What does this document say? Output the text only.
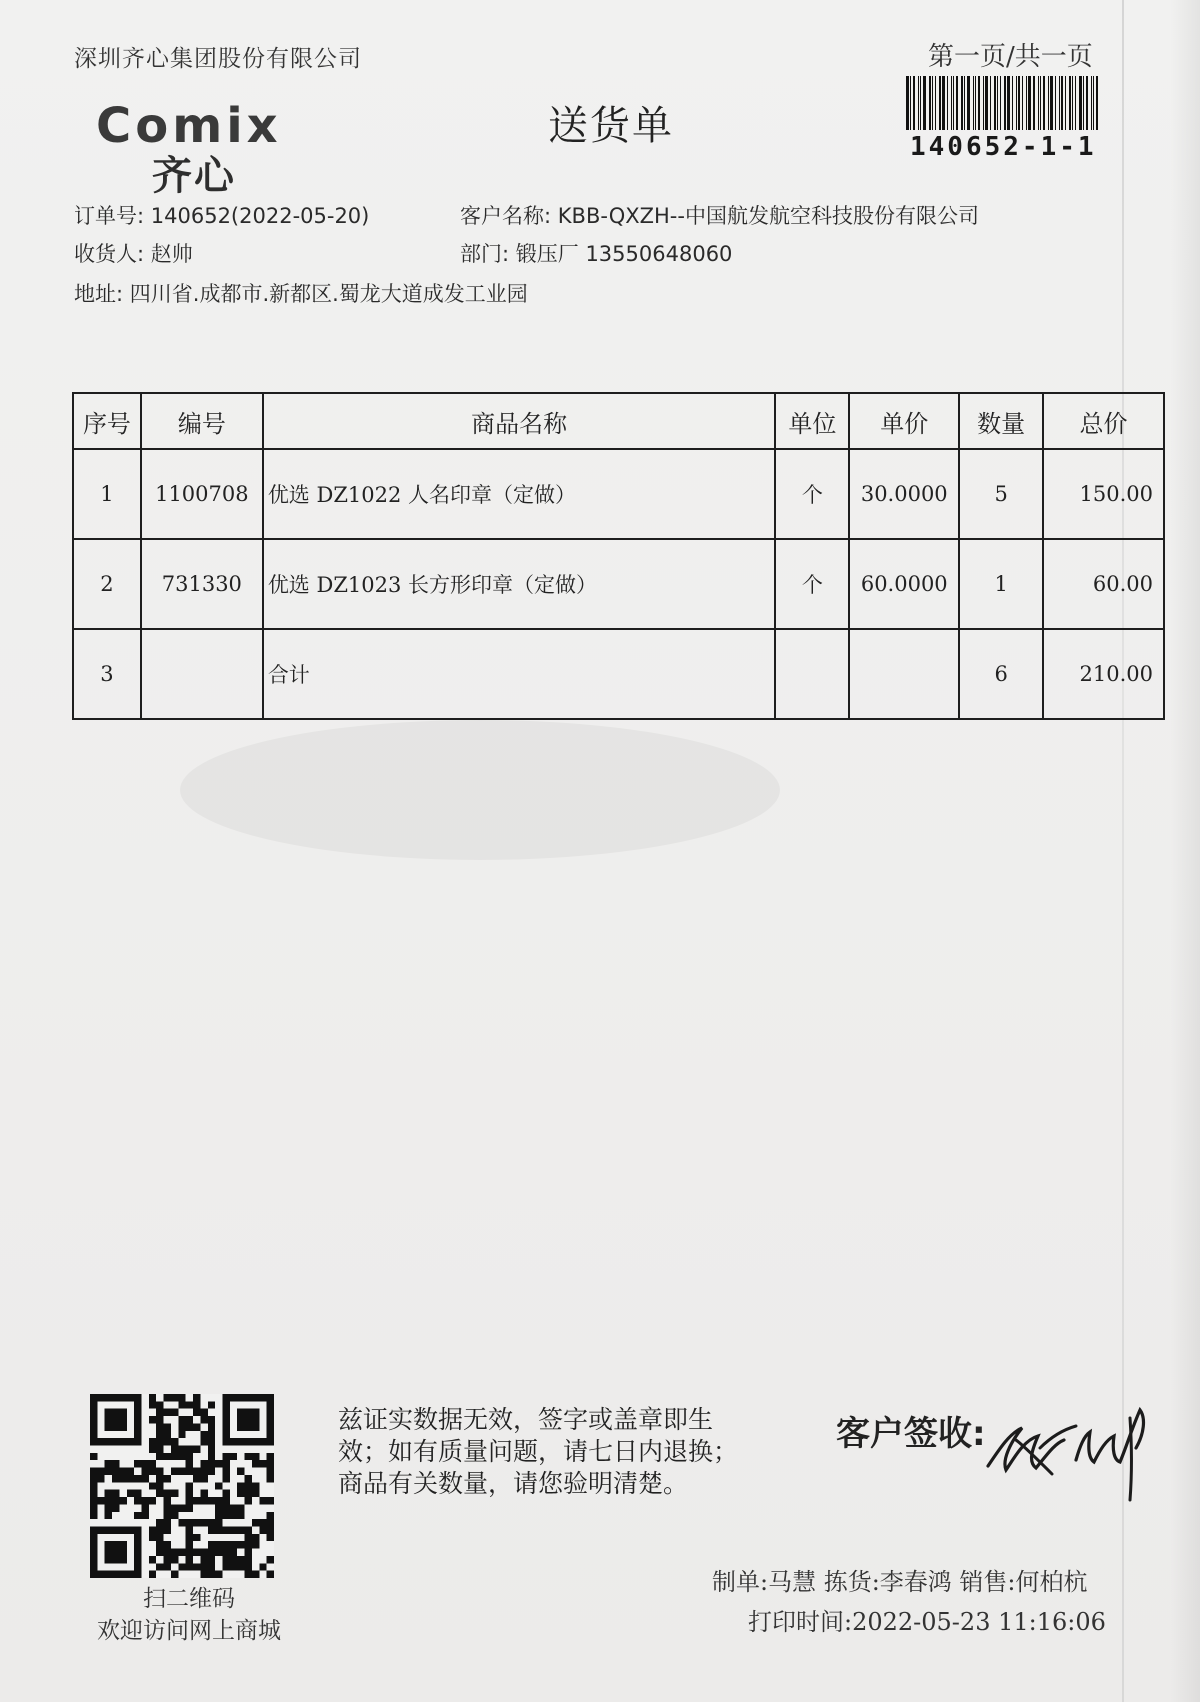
深圳齐心集团股份有限公司	第一页/共一页
140652-1-1
Comix
齐心
送货单
订单号: 140652(2022-05-20)	客户名称: KBB-QXZH--中国航发航空科技股份有限公司
收货人: 赵帅	部门: 锻压厂 13550648060
地址: 四川省.成都市.新都区.蜀龙大道成发工业园
序号	编号	商品名称	单位	单价	数量	总价
1	1100708	优选 DZ1022 人名印章（定做）	个	30.0000	5	150.00
2	731330	优选 DZ1023 长方形印章（定做）	个	60.0000	1	60.00
3		合计			6	210.00
扫二维码
欢迎访问网上商城
兹证实数据无效，签字或盖章即生效；如有质量问题，请七日内退换；商品有关数量，请您验明清楚。
客户签收:
制单:马慧 拣货:李春鸿 销售:何柏杭
打印时间:2022-05-23 11:16:06
